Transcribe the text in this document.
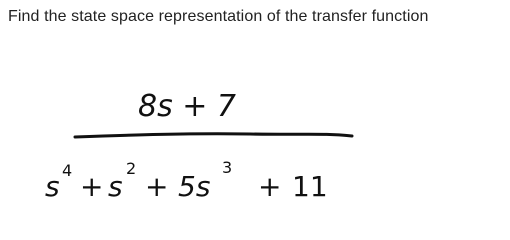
Find the state space representation of the transfer function
8s + 7
s 4 + s
2
+ 5s
3
+ 11
